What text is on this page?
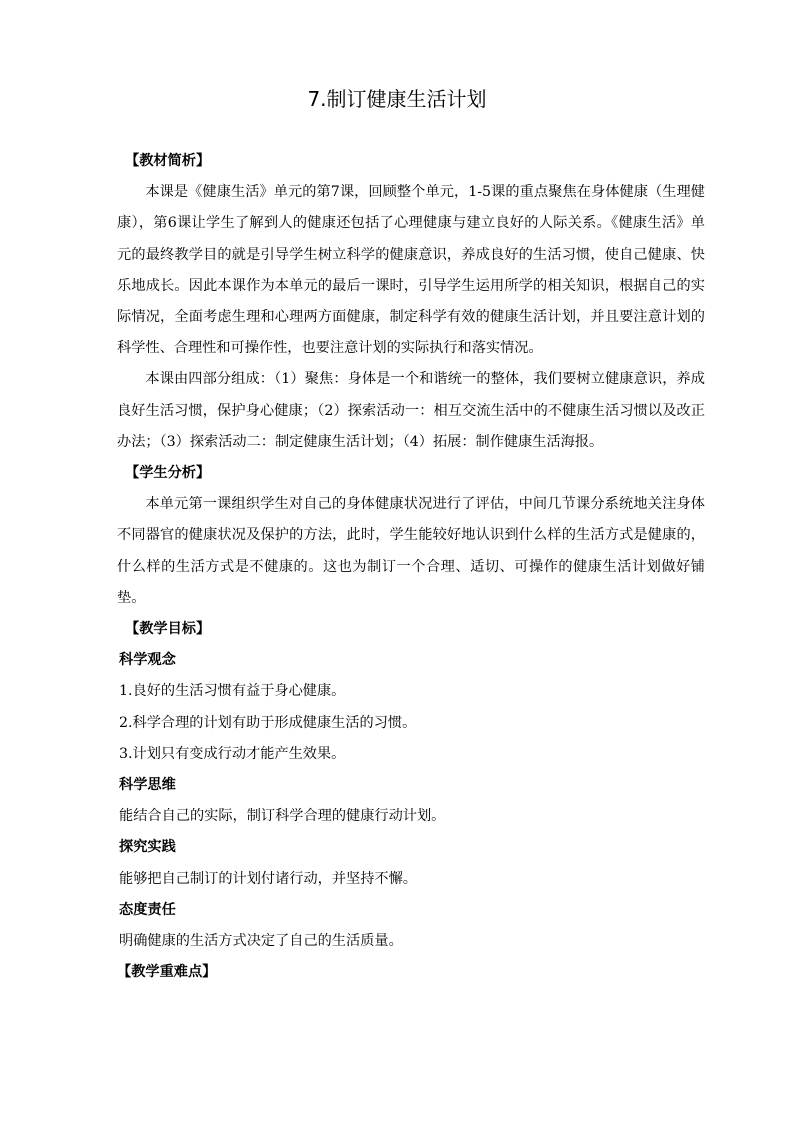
7.制订健康生活计划

【教材简析】

本课是《健康生活》单元的第7课，回顾整个单元，1-5课的重点聚焦在身体健康（生理健康），第6课让学生了解到人的健康还包括了心理健康与建立良好的人际关系。《健康生活》单元的最终教学目的就是引导学生树立科学的健康意识，养成良好的生活习惯，使自己健康、快乐地成长。因此本课作为本单元的最后一课时，引导学生运用所学的相关知识，根据自己的实际情况，全面考虑生理和心理两方面健康，制定科学有效的健康生活计划，并且要注意计划的科学性、合理性和可操作性，也要注意计划的实际执行和落实情况。

本课由四部分组成：（1）聚焦：身体是一个和谐统一的整体，我们要树立健康意识，养成良好生活习惯，保护身心健康；（2）探索活动一：相互交流生活中的不健康生活习惯以及改正办法；（3）探索活动二：制定健康生活计划；（4）拓展：制作健康生活海报。

【学生分析】

本单元第一课组织学生对自己的身体健康状况进行了评估，中间几节课分系统地关注身体不同器官的健康状况及保护的方法，此时，学生能较好地认识到什么样的生活方式是健康的，什么样的生活方式是不健康的。这也为制订一个合理、适切、可操作的健康生活计划做好铺垫。

【教学目标】

科学观念

1.良好的生活习惯有益于身心健康。

2.科学合理的计划有助于形成健康生活的习惯。

3.计划只有变成行动才能产生效果。

科学思维

能结合自己的实际，制订科学合理的健康行动计划。

探究实践

能够把自己制订的计划付诸行动，并坚持不懈。

态度责任

明确健康的生活方式决定了自己的生活质量。

【教学重难点】
